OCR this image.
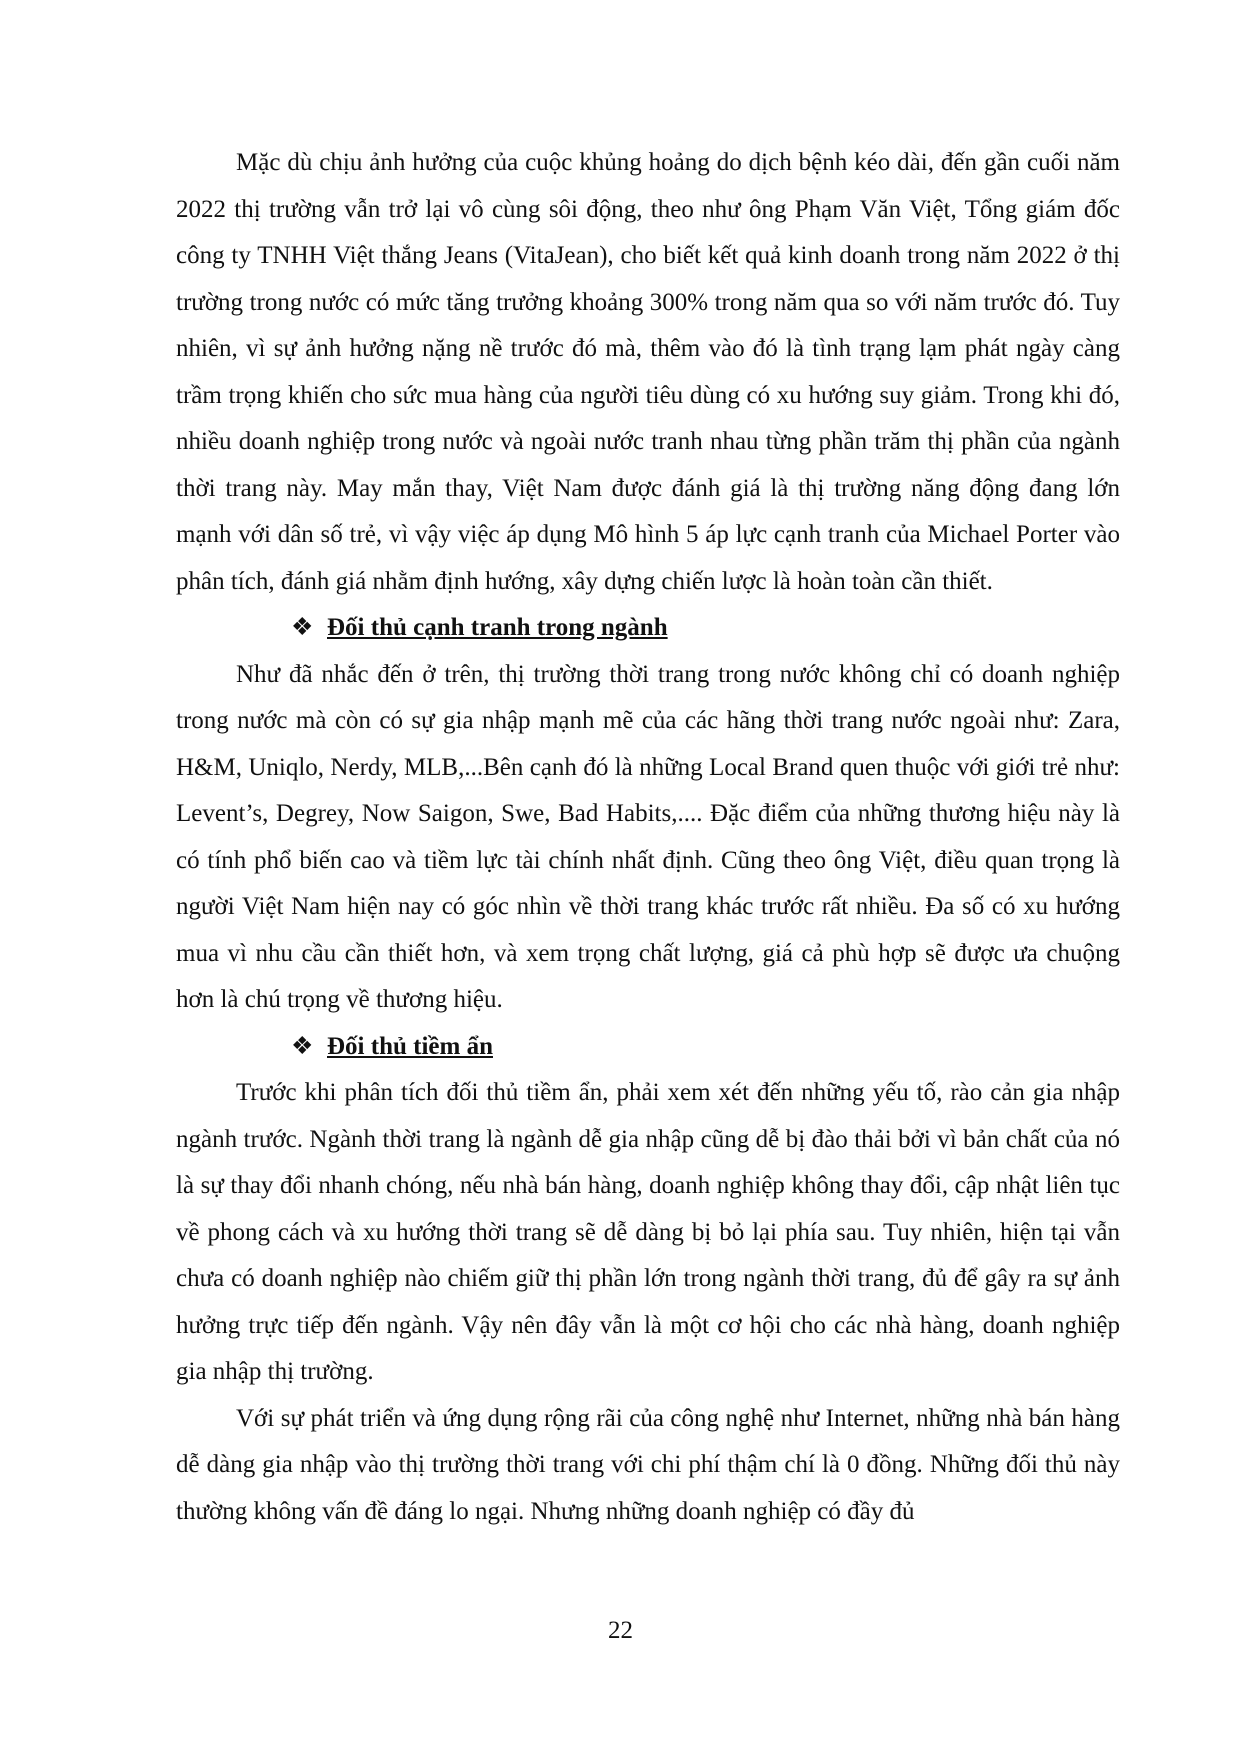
Mặc dù chịu ảnh hưởng của cuộc khủng hoảng do dịch bệnh kéo dài, đến gần cuối năm 2022 thị trường vẫn trở lại vô cùng sôi động, theo như ông Phạm Văn Việt, Tổng giám đốc công ty TNHH Việt thắng Jeans (VitaJean), cho biết kết quả kinh doanh trong năm 2022 ở thị trường trong nước có mức tăng trưởng khoảng 300% trong năm qua so với năm trước đó. Tuy nhiên, vì sự ảnh hưởng nặng nề trước đó mà, thêm vào đó là tình trạng lạm phát ngày càng trầm trọng khiến cho sức mua hàng của người tiêu dùng có xu hướng suy giảm. Trong khi đó, nhiều doanh nghiệp trong nước và ngoài nước tranh nhau từng phần trăm thị phần của ngành thời trang này. May mắn thay, Việt Nam được đánh giá là thị trường năng động đang lớn mạnh với dân số trẻ, vì vậy việc áp dụng Mô hình 5 áp lực cạnh tranh của Michael Porter vào phân tích, đánh giá nhằm định hướng, xây dựng chiến lược là hoàn toàn cần thiết.

❖ Đối thủ cạnh tranh trong ngành

Như đã nhắc đến ở trên, thị trường thời trang trong nước không chỉ có doanh nghiệp trong nước mà còn có sự gia nhập mạnh mẽ của các hãng thời trang nước ngoài như: Zara, H&M, Uniqlo, Nerdy, MLB,...Bên cạnh đó là những Local Brand quen thuộc với giới trẻ như: Levent’s, Degrey, Now Saigon, Swe, Bad Habits,.... Đặc điểm của những thương hiệu này là có tính phổ biến cao và tiềm lực tài chính nhất định. Cũng theo ông Việt, điều quan trọng là người Việt Nam hiện nay có góc nhìn về thời trang khác trước rất nhiều. Đa số có xu hướng mua vì nhu cầu cần thiết hơn, và xem trọng chất lượng, giá cả phù hợp sẽ được ưa chuộng hơn là chú trọng về thương hiệu.

❖ Đối thủ tiềm ẩn

Trước khi phân tích đối thủ tiềm ẩn, phải xem xét đến những yếu tố, rào cản gia nhập ngành trước. Ngành thời trang là ngành dễ gia nhập cũng dễ bị đào thải bởi vì bản chất của nó là sự thay đổi nhanh chóng, nếu nhà bán hàng, doanh nghiệp không thay đổi, cập nhật liên tục về phong cách và xu hướng thời trang sẽ dễ dàng bị bỏ lại phía sau. Tuy nhiên, hiện tại vẫn chưa có doanh nghiệp nào chiếm giữ thị phần lớn trong ngành thời trang, đủ để gây ra sự ảnh hưởng trực tiếp đến ngành. Vậy nên đây vẫn là một cơ hội cho các nhà hàng, doanh nghiệp gia nhập thị trường.

Với sự phát triển và ứng dụng rộng rãi của công nghệ như Internet, những nhà bán hàng dễ dàng gia nhập vào thị trường thời trang với chi phí thậm chí là 0 đồng. Những đối thủ này thường không vấn đề đáng lo ngại. Nhưng những doanh nghiệp có đầy đủ

22
